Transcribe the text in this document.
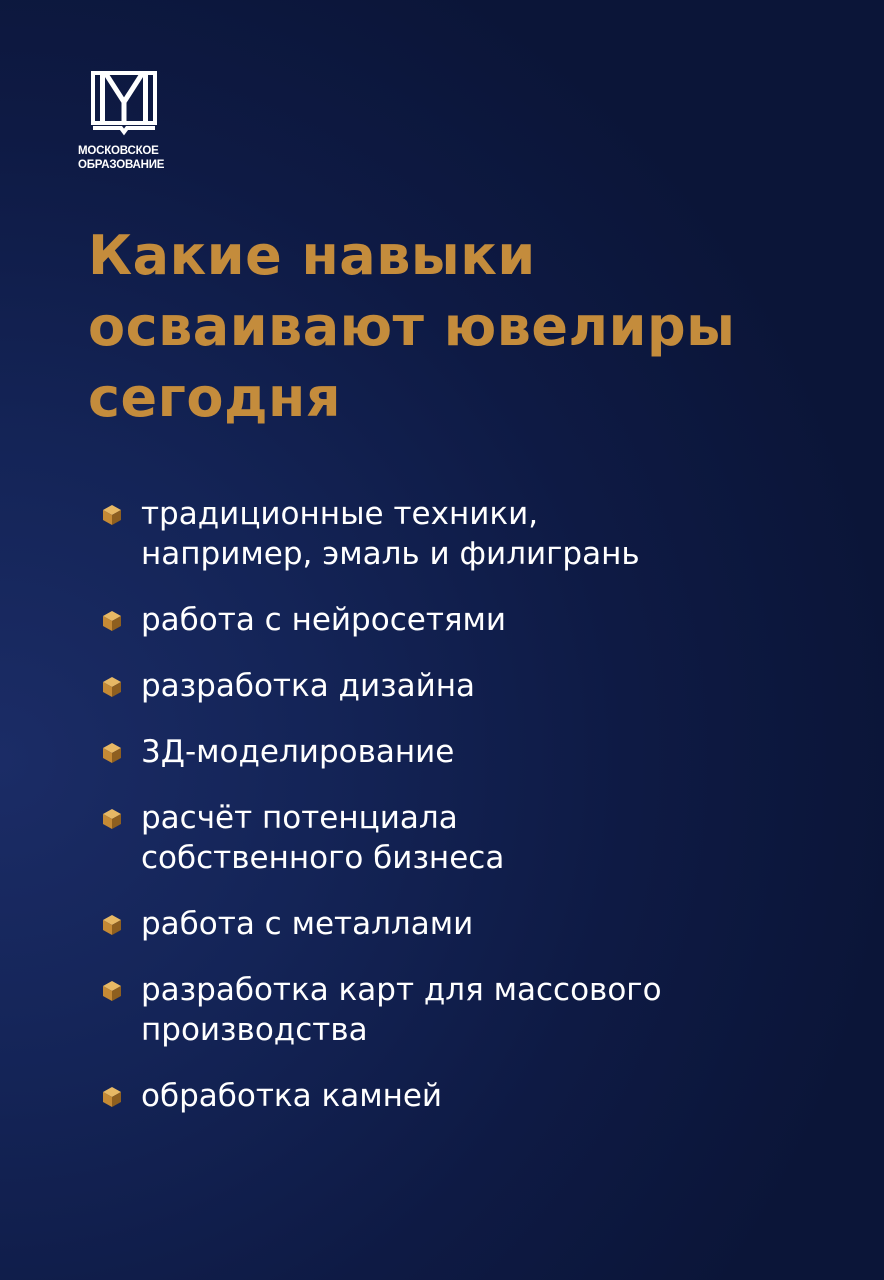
МОСКОВСКОЕ
ОБРАЗОВАНИЕ
Какие навыки
осваивают ювелиры
сегодня
традиционные техники,
например, эмаль и филигрань
работа с нейросетями
разработка дизайна
3Д-моделирование
расчёт потенциала
собственного бизнеса
работа с металлами
разработка карт для массового
производства
обработка камней
